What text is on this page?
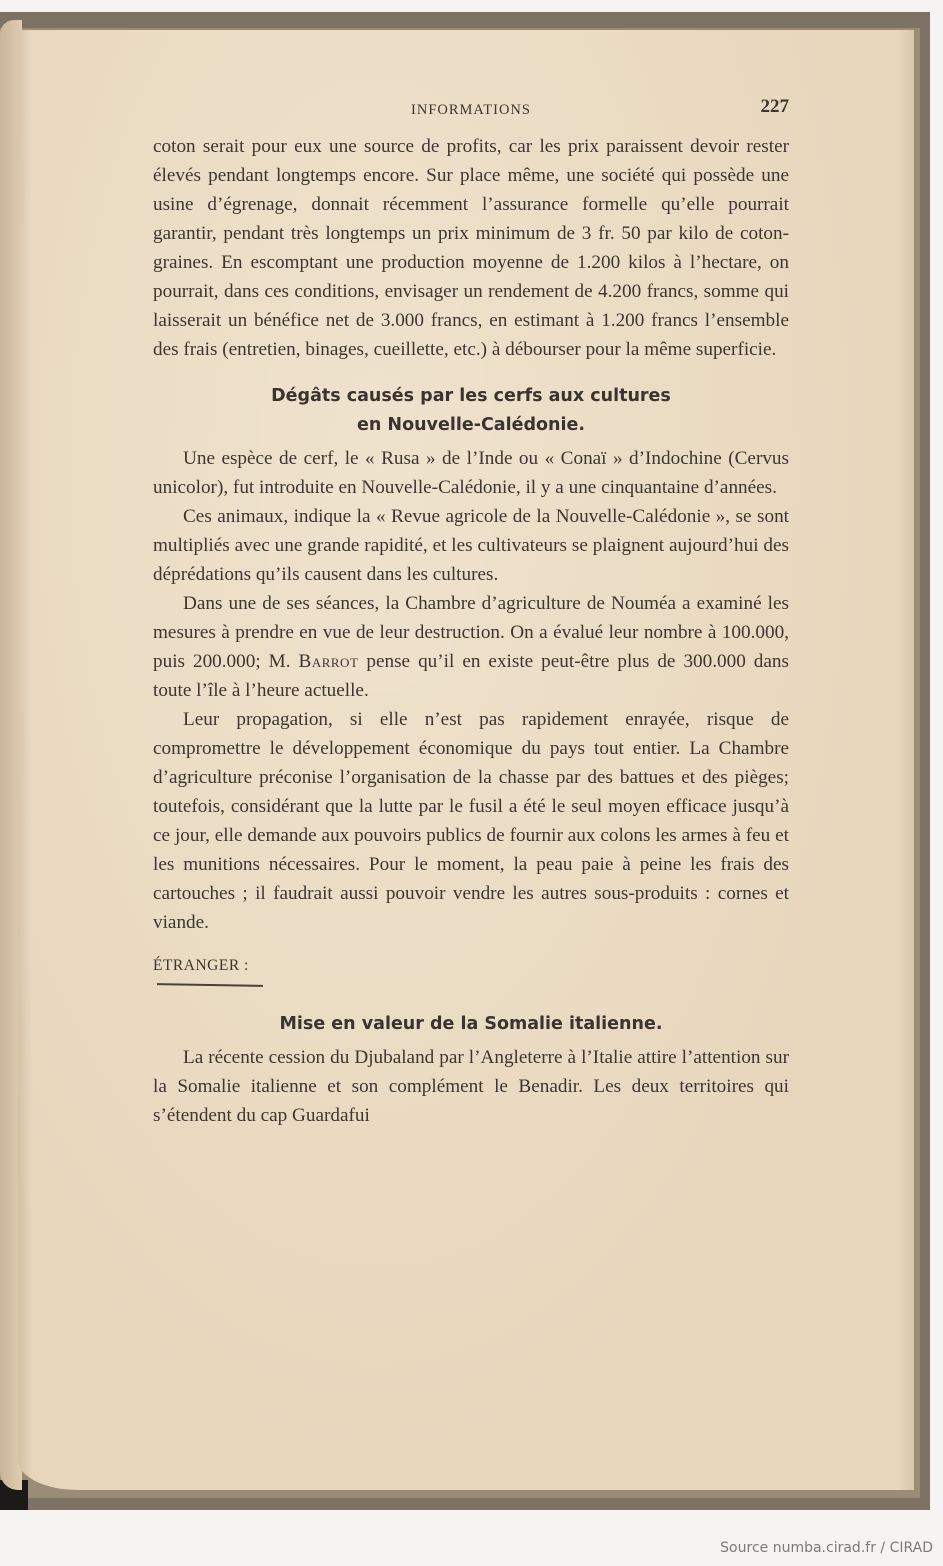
INFORMATIONS	227

coton serait pour eux une source de profits, car les prix paraissent devoir rester élevés pendant longtemps encore. Sur place même, une société qui possède une usine d’égrenage, donnait récemment l’assurance formelle qu’elle pourrait garantir, pendant très longtemps un prix minimum de 3 fr. 50 par kilo de coton-graines. En escomptant une production moyenne de 1.200 kilos à l’hectare, on pourrait, dans ces conditions, envisager un rendement de 4.200 francs, somme qui laisserait un bénéfice net de 3.000 francs, en estimant à 1.200 francs l’ensemble des frais (entretien, binages, cueillette, etc.) à débourser pour la même superficie.

Dégâts causés par les cerfs aux cultures
en Nouvelle-Calédonie.

Une espèce de cerf, le « Rusa » de l’Inde ou « Conaï » d’Indochine (Cervus unicolor), fut introduite en Nouvelle-Calédonie, il y a une cinquantaine d’années.

Ces animaux, indique la « Revue agricole de la Nouvelle-Calédonie », se sont multipliés avec une grande rapidité, et les cultivateurs se plaignent aujourd’hui des déprédations qu’ils causent dans les cultures.

Dans une de ses séances, la Chambre d’agriculture de Nouméa a examiné les mesures à prendre en vue de leur destruction. On a évalué leur nombre à 100.000, puis 200.000; M. Barrot pense qu’il en existe peut-être plus de 300.000 dans toute l’île à l’heure actuelle.

Leur propagation, si elle n’est pas rapidement enrayée, risque de compromettre le développement économique du pays tout entier. La Chambre d’agriculture préconise l’organisation de la chasse par des battues et des pièges; toutefois, considérant que la lutte par le fusil a été le seul moyen efficace jusqu’à ce jour, elle demande aux pouvoirs publics de fournir aux colons les armes à feu et les munitions nécessaires. Pour le moment, la peau paie à peine les frais des cartouches ; il faudrait aussi pouvoir vendre les autres sous-produits : cornes et viande.

ÉTRANGER :
Mise en valeur de la Somalie italienne.

La récente cession du Djubaland par l’Angleterre à l’Italie attire l’attention sur la Somalie italienne et son complément le Benadir. Les deux territoires qui s’étendent du cap Guardafui

Source numba.cirad.fr / CIRAD
